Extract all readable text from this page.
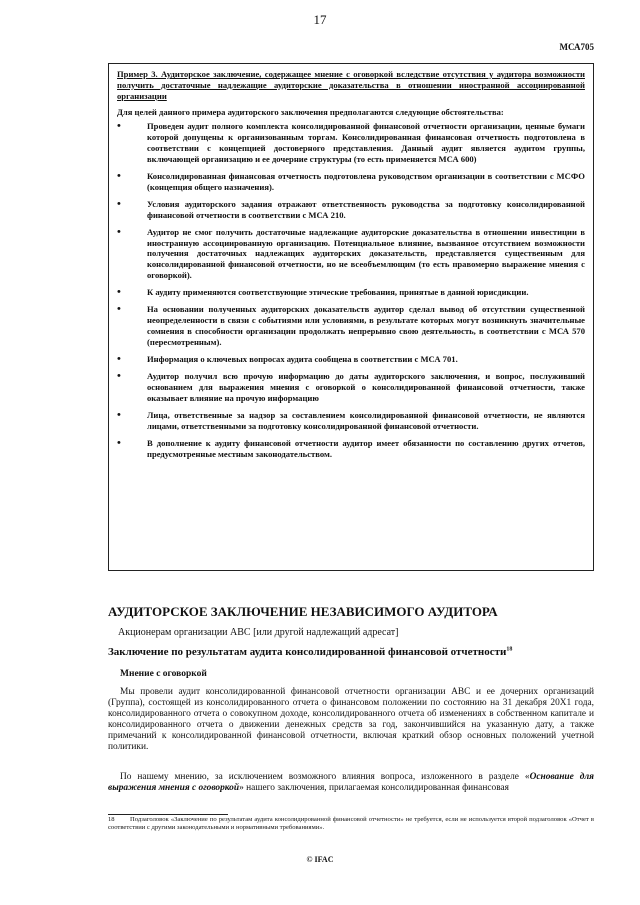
17
МСА705
Пример 3. Аудиторское заключение, содержащее мнение с оговоркой вследствие отсутствия у аудитора возможности получить достаточные надлежащие аудиторские доказательства в отношении иностранной ассоциированной организации
Для целей данного примера аудиторского заключения предполагаются следующие обстоятельства:
• Проведен аудит полного комплекта консолидированной финансовой отчетности организации, ценные бумаги которой допущены к организованным торгам. Консолидированная финансовая отчетность подготовлена в соответствии с концепцией достоверного представления. Данный аудит является аудитом группы, включающей организацию и ее дочерние структуры (то есть применяется МСА 600)
• Консолидированная финансовая отчетность подготовлена руководством организации в соответствии с МСФО (концепция общего назначения).
• Условия аудиторского задания отражают ответственность руководства за подготовку консолидированной финансовой отчетности в соответствии с МСА 210.
• Аудитор не смог получить достаточные надлежащие аудиторские доказательства в отношении инвестиции в иностранную ассоциированную организацию. Потенциальное влияние, вызванное отсутствием возможности получения достаточных надлежащих аудиторских доказательств, представляется существенным для консолидированной финансовой отчетности, но не всеобъемлющим (то есть правомерно выражение мнения с оговоркой).
• К аудиту применяются соответствующие этические требования, принятые в данной юрисдикции.
• На основании полученных аудиторских доказательств аудитор сделал вывод об отсутствии существенной неопределенности в связи с событиями или условиями, в результате которых могут возникнуть значительные сомнения в способности организации продолжать непрерывно свою деятельность, в соответствии с МСА 570 (пересмотренным).
• Информация о ключевых вопросах аудита сообщена в соответствии с МСА 701.
• Аудитор получил всю прочую информацию до даты аудиторского заключения, и вопрос, послуживший основанием для выражения мнения с оговоркой о консолидированной финансовой отчетности, также оказывает влияние на прочую информацию
• Лица, ответственные за надзор за составлением консолидированной финансовой отчетности, не являются лицами, ответственными за подготовку консолидированной финансовой отчетности.
• В дополнение к аудиту финансовой отчетности аудитор имеет обязанности по составлению других отчетов, предусмотренные местным законодательством.
АУДИТОРСКОЕ ЗАКЛЮЧЕНИЕ НЕЗАВИСИМОГО АУДИТОРА
Акционерам организации АВС [или другой надлежащий адресат]
Заключение по результатам аудита консолидированной финансовой отчетности$^{18}$
Мнение с оговоркой
Мы провели аудит консолидированной финансовой отчетности организации АВС и ее дочерних организаций (Группа), состоящей из консолидированного отчета о финансовом положении по состоянию на 31 декабря 20X1 года, консолидированного отчета о совокупном доходе, консолидированного отчета об изменениях в собственном капитале и консолидированного отчета о движении денежных средств за год, закончившийся на указанную дату, а также примечаний к консолидированной финансовой отчетности, включая краткий обзор основных положений учетной политики.
По нашему мнению, за исключением возможного влияния вопроса, изложенного в разделе «Основание для выражения мнения с оговоркой» нашего заключения, прилагаемая консолидированная финансовая
18 Подзаголовок «Заключение по результатам аудита консолидированной финансовой отчетности» не требуется, если не используется второй подзаголовок «Отчет в соответствии с другими законодательными и нормативными требованиями».
© IFAC
